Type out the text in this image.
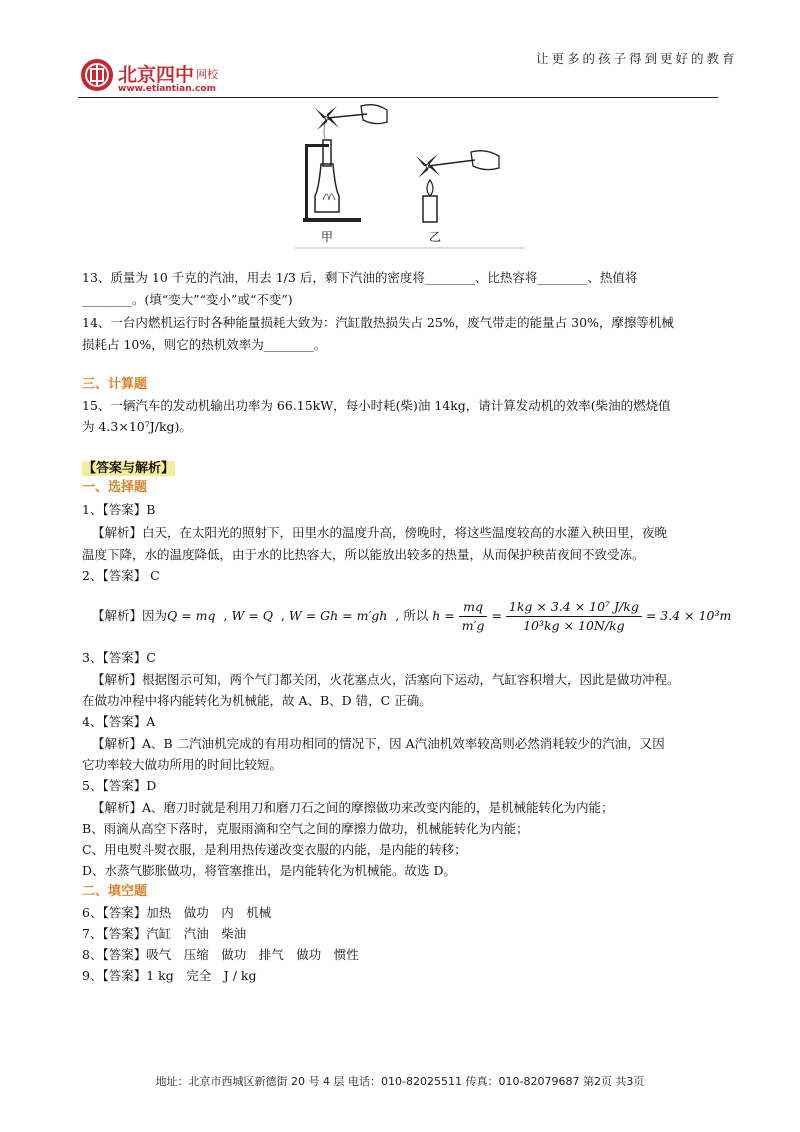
北京四中 网校
www.etiantian.com
让更多的孩子得到更好的教育
甲	乙
13、质量为 10 千克的汽油，用去 1/3 后，剩下汽油的密度将________、比热容将________、热值将
________。(填“变大”“变小”或“不变”)
14、一台内燃机运行时各种能量损耗大致为：汽缸散热损失占 25%，废气带走的能量占 30%，摩擦等机械
损耗占 10%，则它的热机效率为________。
三、计算题
15、一辆汽车的发动机输出功率为 66.15kW，每小时耗(柴)油 14kg，请计算发动机的效率(柴油的燃烧值
为 4.3×10⁷J/kg)。
【答案与解析】
一、选择题
1、【答案】B
【解析】白天，在太阳光的照射下，田里水的温度升高，傍晚时，将这些温度较高的水灌入秧田里，夜晚
温度下降，水的温度降低，由于水的比热容大，所以能放出较多的热量，从而保护秧苗夜间不致受冻。
2、【答案】 C
【解析】因为Q = mq  , W = Q  , W = Gh = m′gh  , 所以 $h = \frac{mq}{m'g} = \frac{\text{1kg × 3.4 × 10⁷ J/kg}}{\text{10³kg × 10N/kg}} = 3.4 \times 10^3m$
3、【答案】C
【解析】根据图示可知，两个气门都关闭，火花塞点火，活塞向下运动，气缸容积增大，因此是做功冲程。
在做功冲程中将内能转化为机械能，故 A、B、D 错，C 正确。
4、【答案】A
【解析】A、B 二汽油机完成的有用功相同的情况下，因 A汽油机效率较高则必然消耗较少的汽油，又因
它功率较大做功所用的时间比较短。
5、【答案】D
【解析】A、磨刀时就是利用刀和磨刀石之间的摩擦做功来改变内能的，是机械能转化为内能；
B、雨滴从高空下落时，克服雨滴和空气之间的摩擦力做功，机械能转化为内能；
C、用电熨斗熨衣服，是利用热传递改变衣服的内能，是内能的转移；
D、水蒸气膨胀做功，将管塞推出，是内能转化为机械能。故选 D。
二、填空题
6、【答案】加热　做功　内　机械
7、【答案】汽缸　汽油　柴油
8、【答案】吸气　压缩　做功　排气　做功　惯性
9、【答案】1 kg　完全　J / kg
地址：北京市西城区新德街 20 号 4 层 电话：010-82025511 传真：010-82079687 第2页 共3页
